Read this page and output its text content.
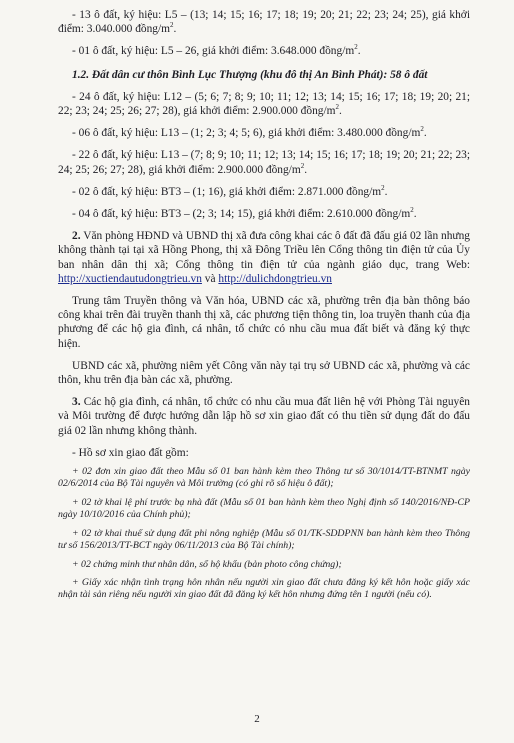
- 13 ô đất, ký hiệu: L5 – (13; 14; 15; 16; 17; 18; 19; 20; 21; 22; 23; 24; 25), giá khởi điểm: 3.040.000 đồng/$m^2$.

- 01 ô đất, ký hiệu: L5 – 26, giá khởi điểm: 3.648.000 đồng/$m^2$.

1.2. Đất dân cư thôn Bình Lục Thượng (khu đô thị An Bình Phát): 58 ô đất

- 24 ô đất, ký hiệu: L12 – (5; 6; 7; 8; 9; 10; 11; 12; 13; 14; 15; 16; 17; 18; 19; 20; 21; 22; 23; 24; 25; 26; 27; 28), giá khởi điểm: 2.900.000 đồng/$m^2$.

- 06 ô đất, ký hiệu: L13 – (1; 2; 3; 4; 5; 6), giá khởi điểm: 3.480.000 đồng/$m^2$.

- 22 ô đất, ký hiệu: L13 – (7; 8; 9; 10; 11; 12; 13; 14; 15; 16; 17; 18; 19; 20; 21; 22; 23; 24; 25; 26; 27; 28), giá khởi điểm: 2.900.000 đồng/$m^2$.

- 02 ô đất, ký hiệu: BT3 – (1; 16), giá khởi điểm: 2.871.000 đồng/$m^2$.

- 04 ô đất, ký hiệu: BT3 – (2; 3; 14; 15), giá khởi điểm: 2.610.000 đồng/$m^2$.

2. Văn phòng HĐND và UBND thị xã đưa công khai các ô đất đã đấu giá 02 lần nhưng không thành tại tại xã Hồng Phong, thị xã Đông Triều lên Cổng thông tin điện tử của Ủy ban nhân dân thị xã; Cổng thông tin điện tử của ngành giáo dục, trang Web: http://xuctiendautudongtrieu.vn và http://dulichdongtrieu.vn

Trung tâm Truyền thông và Văn hóa, UBND các xã, phường trên địa bàn thông báo công khai trên đài truyền thanh thị xã, các phương tiện thông tin, loa truyền thanh của địa phương để các hộ gia đình, cá nhân, tổ chức có nhu cầu mua đất biết và đăng ký thực hiện.

UBND các xã, phường niêm yết Công văn này tại trụ sở UBND các xã, phường và các thôn, khu trên địa bàn các xã, phường.

3. Các hộ gia đình, cá nhân, tổ chức có nhu cầu mua đất liên hệ với Phòng Tài nguyên và Môi trường để được hướng dẫn lập hồ sơ xin giao đất có thu tiền sử dụng đất do đấu giá 02 lần nhưng không thành.

- Hồ sơ xin giao đất gồm:

+ 02 đơn xin giao đất theo Mẫu số 01 ban hành kèm theo Thông tư số 30/1014/TT-BTNMT ngày 02/6/2014 của Bộ Tài nguyên và Môi trường (có ghi rõ số hiệu ô đất);

+ 02 tờ khai lệ phí trước bạ nhà đất (Mẫu số 01 ban hành kèm theo Nghị định số 140/2016/NĐ-CP ngày 10/10/2016 của Chính phủ);

+ 02 tờ khai thuế sử dụng đất phi nông nghiệp (Mẫu số 01/TK-SDDPNN ban hành kèm theo Thông tư số 156/2013/TT-BCT ngày 06/11/2013 của Bộ Tài chính);

+ 02 chứng minh thư nhân dân, sổ hộ khẩu (bản photo công chứng);

+ Giấy xác nhận tình trạng hôn nhân nếu người xin giao đất chưa đăng ký kết hôn hoặc giấy xác nhận tài sản riêng nếu người xin giao đất đã đăng ký kết hôn nhưng đứng tên 1 người (nếu có).

2
